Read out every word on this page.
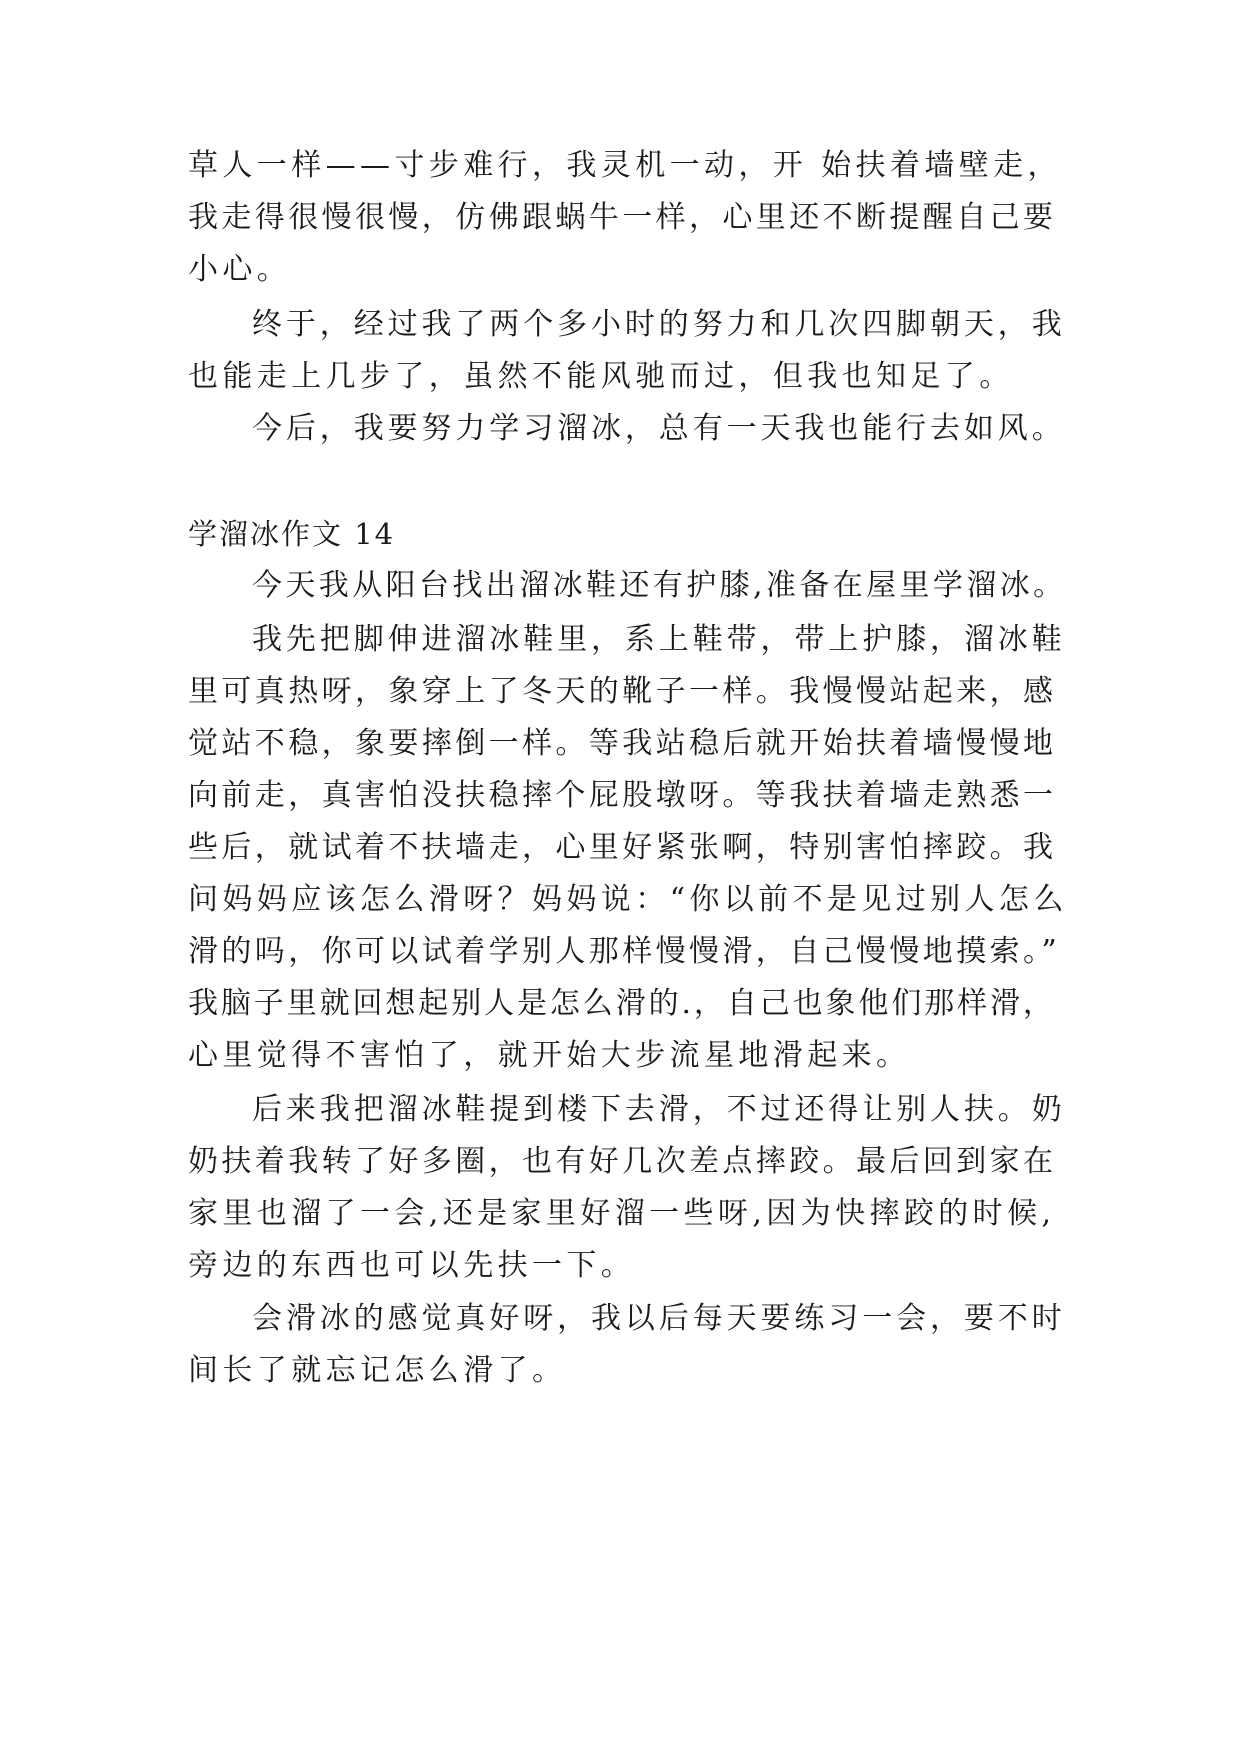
草人一样——寸步难行，我灵机一动，开 始扶着墙壁走，
我走得很慢很慢，仿佛跟蜗牛一样，心里还不断提醒自己要
小心。
终于，经过我了两个多小时的努力和几次四脚朝天，我
也能走上几步了，虽然不能风驰而过，但我也知足了。
今后，我要努力学习溜冰，总有一天我也能行去如风。
学溜冰作文 14
今天我从阳台找出溜冰鞋还有护膝,准备在屋里学溜冰。
我先把脚伸进溜冰鞋里，系上鞋带，带上护膝，溜冰鞋
里可真热呀，象穿上了冬天的靴子一样。我慢慢站起来，感
觉站不稳，象要摔倒一样。等我站稳后就开始扶着墙慢慢地
向前走，真害怕没扶稳摔个屁股墩呀。等我扶着墙走熟悉一
些后，就试着不扶墙走，心里好紧张啊，特别害怕摔跤。我
问妈妈应该怎么滑呀？妈妈说：“你以前不是见过别人怎么
滑的吗，你可以试着学别人那样慢慢滑，自己慢慢地摸索。”
我脑子里就回想起别人是怎么滑的.，自己也象他们那样滑，
心里觉得不害怕了，就开始大步流星地滑起来。
后来我把溜冰鞋提到楼下去滑，不过还得让别人扶。奶
奶扶着我转了好多圈，也有好几次差点摔跤。最后回到家在
家里也溜了一会,还是家里好溜一些呀,因为快摔跤的时候,
旁边的东西也可以先扶一下。
会滑冰的感觉真好呀，我以后每天要练习一会，要不时
间长了就忘记怎么滑了。
